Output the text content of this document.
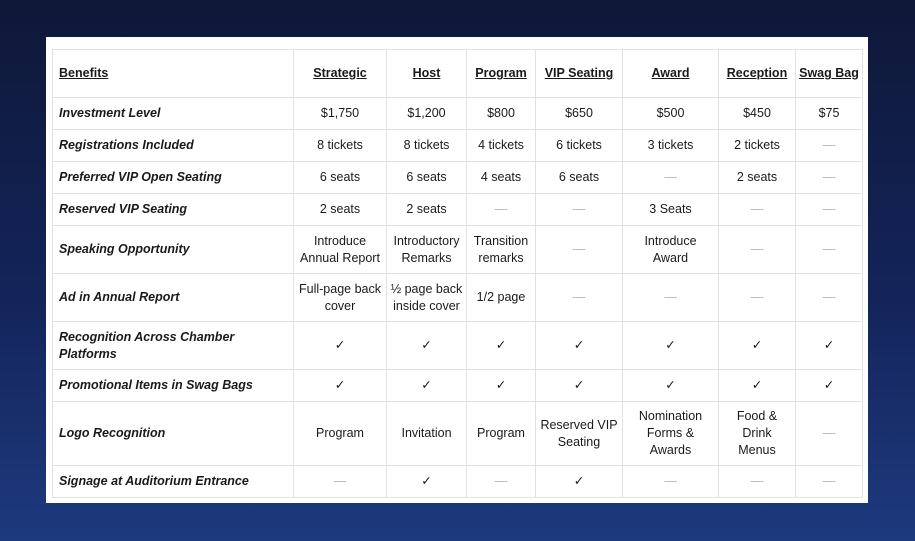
Benefits	Strategic	Host	Program	VIP Seating	Award	Reception	Swag Bag
Investment Level	$1,750	$1,200	$800	$650	$500	$450	$75
Registrations Included	8 tickets	8 tickets	4 tickets	6 tickets	3 tickets	2 tickets	—
Preferred VIP Open Seating	6 seats	6 seats	4 seats	6 seats	—	2 seats	—
Reserved VIP Seating	2 seats	2 seats	—	—	3 Seats	—	—
Speaking Opportunity	Introduce Annual Report	Introductory Remarks	Transition remarks	—	Introduce Award	—	—
Ad in Annual Report	Full-page back cover	½ page back inside cover	1/2 page	—	—	—	—
Recognition Across Chamber Platforms	✓	✓	✓	✓	✓	✓	✓
Promotional Items in Swag Bags	✓	✓	✓	✓	✓	✓	✓
Logo Recognition	Program	Invitation	Program	Reserved VIP Seating	Nomination Forms & Awards	Food & Drink Menus	—
Signage at Auditorium Entrance	—	✓	—	✓	—	—	—
